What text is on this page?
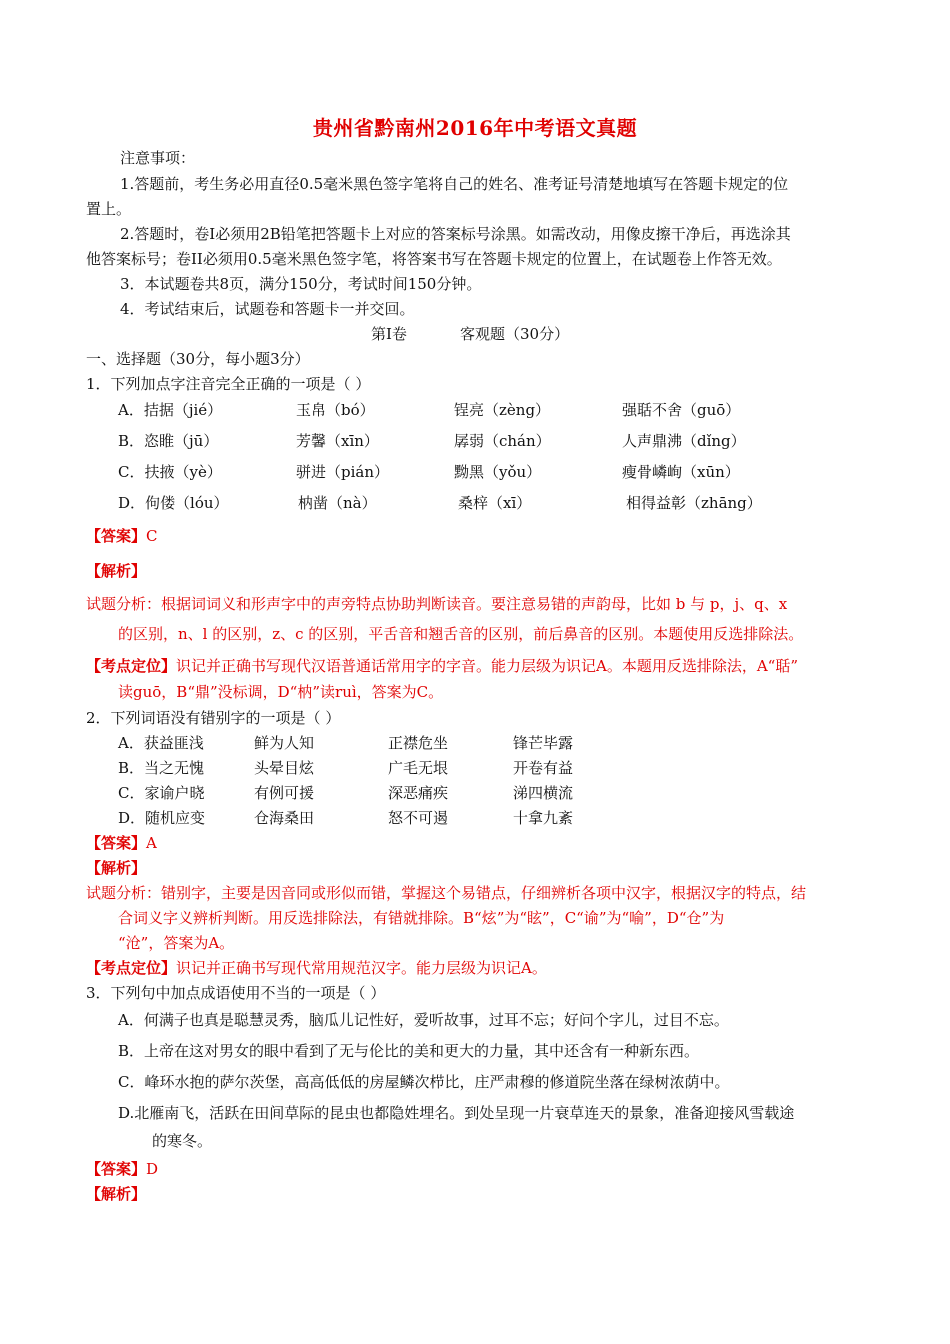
贵州省黔南州2016年中考语文真题
注意事项：
1.答题前，考生务必用直径0.5毫米黑色签字笔将自己的姓名、准考证号清楚地填写在答题卡规定的位
置上。
2.答题时，卷Ⅰ必须用2B铅笔把答题卡上对应的答案标号涂黑。如需改动，用像皮擦干净后，再选涂其
他答案标号；卷II必须用0.5毫米黑色签字笔，将答案书写在答题卡规定的位置上，在试题卷上作答无效。
3．本试题卷共8页，满分150分，考试时间150分钟。
4．考试结束后，试题卷和答题卡一并交回。
第Ⅰ卷	客观题（30分）
一、选择题（30分，每小题3分）
1．下列加点字注音完全正确的一项是（ ）
A．拮据（jié）	玉帛（bó）	锃亮（zèng）	强聒不舍（guō）
B．恣睢（jū）	芳馨（xīn）	孱弱（chán）	人声鼎沸（dǐng）
C．扶掖（yè）	骈进（pián）	黝黑（yǒu）	瘦骨嶙峋（xūn）
D．佝偻（lóu）	枘凿（nà）	桑梓（xī）	相得益彰（zhāng）
【答案】C
【解析】
试题分析：根据词词义和形声字中的声旁特点协助判断读音。要注意易错的声韵母，比如 b 与 p，j、q、x
的区别，n、l 的区别，z、c 的区别，平舌音和翘舌音的区别，前后鼻音的区别。本题使用反选排除法。
【考点定位】识记并正确书写现代汉语普通话常用字的字音。能力层级为识记A。本题用反选排除法，A“聒”
读guō，B“鼎”没标调，D“枘”读ruì，答案为C。
2．下列词语没有错别字的一项是（ ）
A．获益匪浅	鲜为人知	正襟危坐	锋芒毕露
B．当之无愧	头晕目炫	广毛无垠	开卷有益
C．家谕户晓	有例可援	深恶痛疾	涕四横流
D．随机应变	仓海桑田	怒不可遏	十拿九紊
【答案】A
【解析】
试题分析：错别字，主要是因音同或形似而错，掌握这个易错点，仔细辨析各项中汉字，根据汉字的特点，结
合词义字义辨析判断。用反选排除法，有错就排除。B“炫”为“眩”，C“谕”为“喻”，D“仓”为
“沧”，答案为A。
【考点定位】识记并正确书写现代常用规范汉字。能力层级为识记A。
3．下列句中加点成语使用不当的一项是（ ）
A．何满子也真是聪慧灵秀，脑瓜儿记性好，爱听故事，过耳不忘；好问个字儿，过目不忘。
B．上帝在这对男女的眼中看到了无与伦比的美和更大的力量，其中还含有一种新东西。
C．峰环水抱的萨尔茨堡，高高低低的房屋鳞次栉比，庄严肃穆的修道院坐落在绿树浓荫中。
D.北雁南飞，活跃在田间草际的昆虫也都隐姓埋名。到处呈现一片衰草连天的景象，准备迎接风雪载途
的寒冬。
【答案】D
【解析】
